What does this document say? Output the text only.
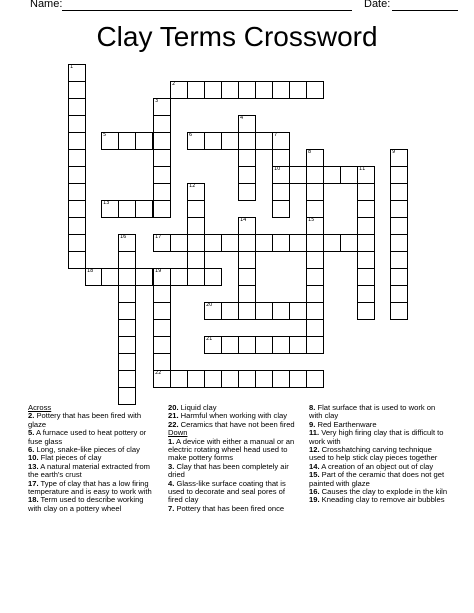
Name:	Date:
Clay Terms Crossword
1
2
3
5	6
4
7
10
8
11
9
12
13
14	15
16	17
18	19
22
20
21
Across
2. Pottery that has been fired with glaze
5. A furnace used to heat pottery or fuse glass
6. Long, snake-like pieces of clay
10. Flat pieces of clay
13. A natural material extracted from the earth's crust
17. Type of clay that has a low firing temperature and is easy to work with
18. Term used to describe working with clay on a pottery wheel
20. Liquid clay
21. Harmful when working with clay
22. Ceramics that have not been fired
Down
1. A device with either a manual or an electric rotating wheel head used to make pottery forms
3. Clay that has been completely air dried
4. Glass-like surface coating that is used to decorate and seal pores of fired clay
7. Pottery that has been fired once
8. Flat surface that is used to work on with clay
9. Red Earthenware
11. Very high firing clay that is difficult to work with
12. Crosshatching carving technique used to help stick clay pieces together
14. A creation of an object out of clay
15. Part of the ceramic that does not get painted with glaze
16. Causes the clay to explode in the kiln
19. Kneading clay to remove air bubbles
